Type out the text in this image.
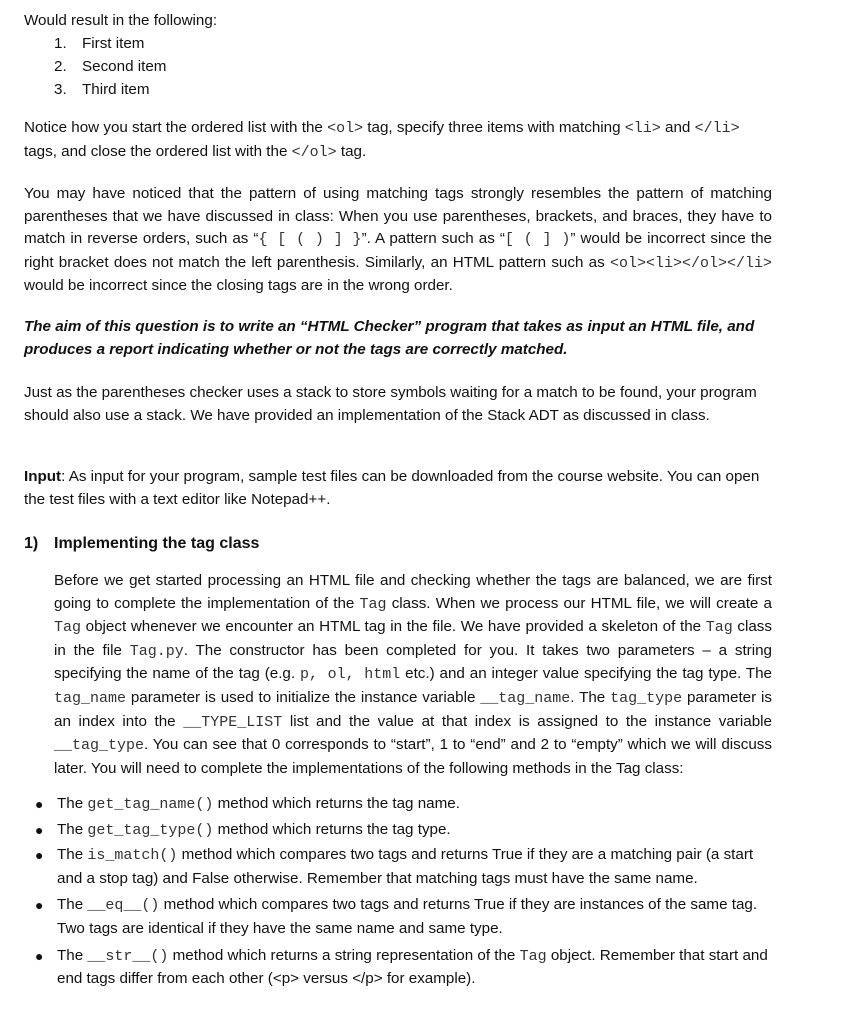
Would result in the following:

1. First item
2. Second item
3. Third item

Notice how you start the ordered list with the <ol> tag, specify three items with matching <li> and </li> tags, and close the ordered list with the </ol> tag.

You may have noticed that the pattern of using matching tags strongly resembles the pattern of matching parentheses that we have discussed in class: When you use parentheses, brackets, and braces, they have to match in reverse orders, such as “{ [ ( ) ] }”. A pattern such as “[ ( ] )” would be incorrect since the right bracket does not match the left parenthesis. Similarly, an HTML pattern such as <ol><li></ol></li> would be incorrect since the closing tags are in the wrong order.

The aim of this question is to write an “HTML Checker” program that takes as input an HTML file, and produces a report indicating whether or not the tags are correctly matched.

Just as the parentheses checker uses a stack to store symbols waiting for a match to be found, your program should also use a stack. We have provided an implementation of the Stack ADT as discussed in class.

Input: As input for your program, sample test files can be downloaded from the course website. You can open the test files with a text editor like Notepad++.

1) Implementing the tag class

Before we get started processing an HTML file and checking whether the tags are balanced, we are first going to complete the implementation of the Tag class. When we process our HTML file, we will create a Tag object whenever we encounter an HTML tag in the file. We have provided a skeleton of the Tag class in the file Tag.py. The constructor has been completed for you. It takes two parameters – a string specifying the name of the tag (e.g. p, ol, html etc.) and an integer value specifying the tag type. The tag_name parameter is used to initialize the instance variable __tag_name. The tag_type parameter is an index into the __TYPE_LIST list and the value at that index is assigned to the instance variable __tag_type. You can see that 0 corresponds to “start”, 1 to “end” and 2 to “empty” which we will discuss later. You will need to complete the implementations of the following methods in the Tag class:

● The get_tag_name() method which returns the tag name.
● The get_tag_type() method which returns the tag type.
● The is_match() method which compares two tags and returns True if they are a matching pair (a start and a stop tag) and False otherwise. Remember that matching tags must have the same name.
● The __eq__() method which compares two tags and returns True if they are instances of the same tag. Two tags are identical if they have the same name and same type.
● The __str__() method which returns a string representation of the Tag object. Remember that start and end tags differ from each other (<p> versus </p> for example).
